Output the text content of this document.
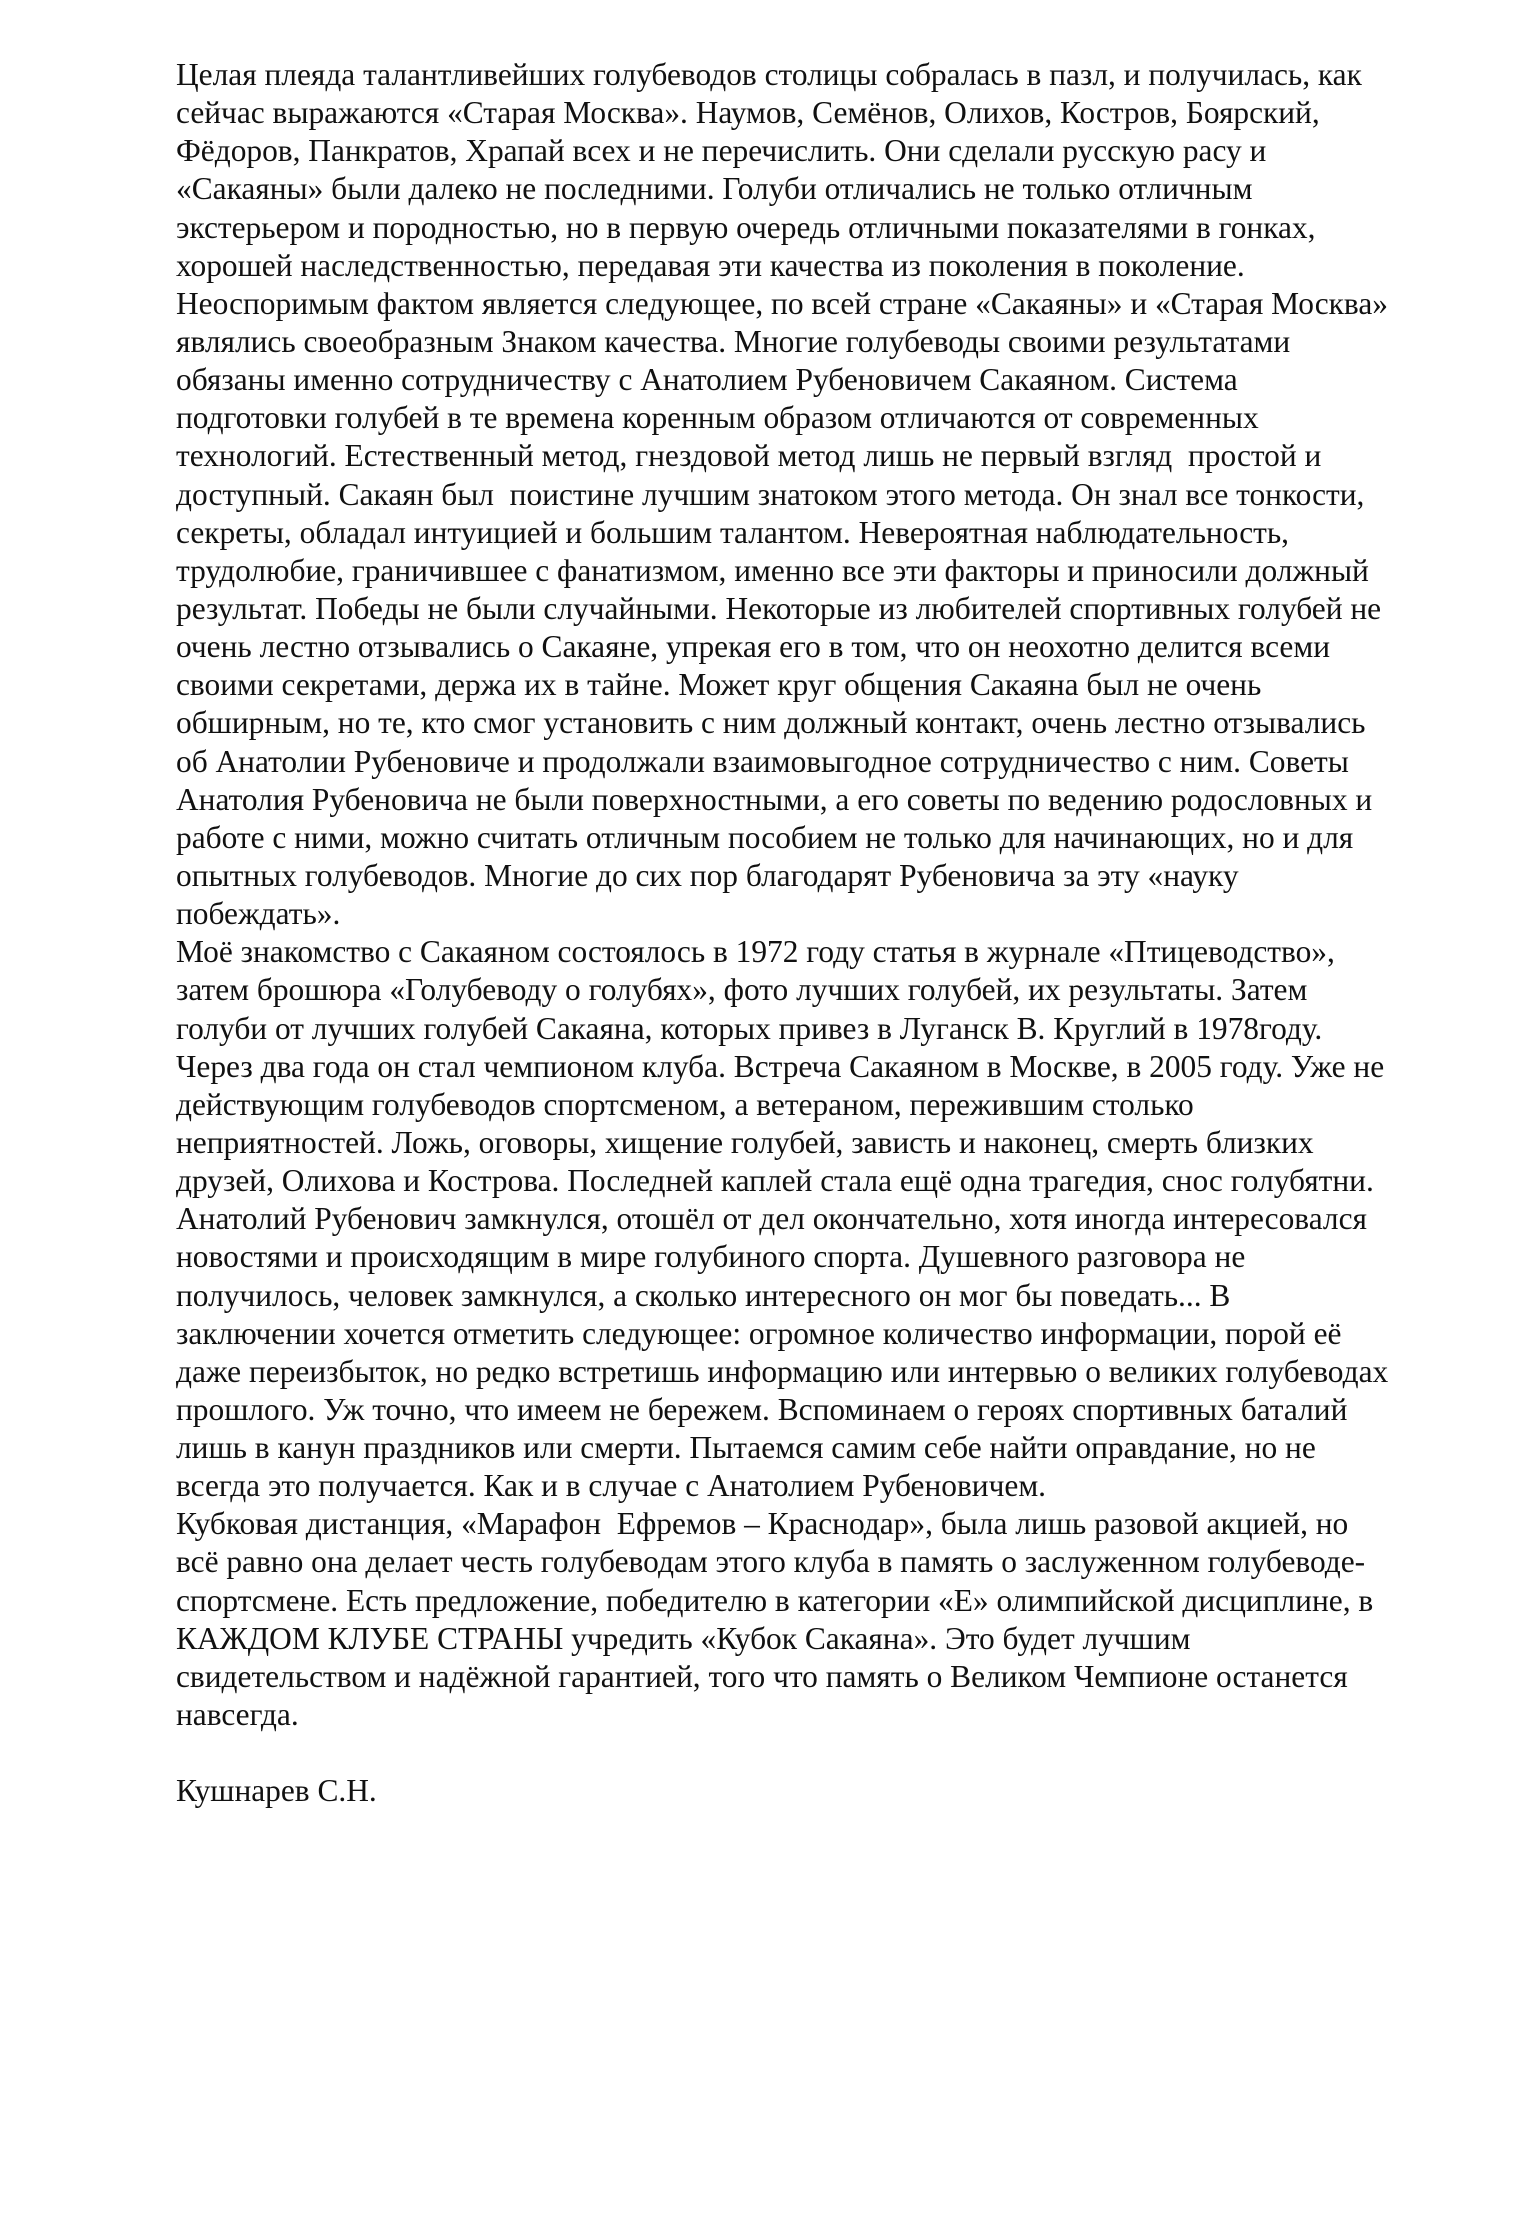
Целая плеяда талантливейших голубеводов столицы собралась в пазл, и получилась, как
сейчас выражаются «Старая Москва». Наумов, Семёнов, Олихов, Костров, Боярский,
Фёдоров, Панкратов, Храпай всех и не перечислить. Они сделали русскую расу и
«Сакаяны» были далеко не последними. Голуби отличались не только отличным
экстерьером и породностью, но в первую очередь отличными показателями в гонках,
хорошей наследственностью, передавая эти качества из поколения в поколение.
Неоспоримым фактом является следующее, по всей стране «Сакаяны» и «Старая Москва»
являлись своеобразным Знаком качества. Многие голубеводы своими результатами
обязаны именно сотрудничеству с Анатолием Рубеновичем Сакаяном. Система
подготовки голубей в те времена коренным образом отличаются от современных
технологий. Естественный метод, гнездовой метод лишь не первый взгляд  простой и
доступный. Сакаян был  поистине лучшим знатоком этого метода. Он знал все тонкости,
секреты, обладал интуицией и большим талантом. Невероятная наблюдательность,
трудолюбие, граничившее с фанатизмом, именно все эти факторы и приносили должный
результат. Победы не были случайными. Некоторые из любителей спортивных голубей не
очень лестно отзывались о Сакаяне, упрекая его в том, что он неохотно делится всеми
своими секретами, держа их в тайне. Может круг общения Сакаяна был не очень
обширным, но те, кто смог установить с ним должный контакт, очень лестно отзывались
об Анатолии Рубеновиче и продолжали взаимовыгодное сотрудничество с ним. Советы
Анатолия Рубеновича не были поверхностными, а его советы по ведению родословных и
работе с ними, можно считать отличным пособием не только для начинающих, но и для
опытных голубеводов. Многие до сих пор благодарят Рубеновича за эту «науку
побеждать».
Моё знакомство с Сакаяном состоялось в 1972 году статья в журнале «Птицеводство»,
затем брошюра «Голубеводу о голубях», фото лучших голубей, их результаты. Затем
голуби от лучших голубей Сакаяна, которых привез в Луганск В. Круглий в 1978году.
Через два года он стал чемпионом клуба. Встреча Сакаяном в Москве, в 2005 году. Уже не
действующим голубеводов спортсменом, а ветераном, пережившим столько
неприятностей. Ложь, оговоры, хищение голубей, зависть и наконец, смерть близких
друзей, Олихова и Кострова. Последней каплей стала ещё одна трагедия, снос голубятни.
Анатолий Рубенович замкнулся, отошёл от дел окончательно, хотя иногда интересовался
новостями и происходящим в мире голубиного спорта. Душевного разговора не
получилось, человек замкнулся, а сколько интересного он мог бы поведать... В
заключении хочется отметить следующее: огромное количество информации, порой её
даже переизбыток, но редко встретишь информацию или интервью о великих голубеводах
прошлого. Уж точно, что имеем не бережем. Вспоминаем о героях спортивных баталий
лишь в канун праздников или смерти. Пытаемся самим себе найти оправдание, но не
всегда это получается. Как и в случае с Анатолием Рубеновичем.
Кубковая дистанция, «Марафон  Ефремов – Краснодар», была лишь разовой акцией, но
всё равно она делает честь голубеводам этого клуба в память о заслуженном голубеводе-
спортсмене. Есть предложение, победителю в категории «Е» олимпийской дисциплине, в
КАЖДОМ КЛУБЕ СТРАНЫ учредить «Кубок Сакаяна». Это будет лучшим
свидетельством и надёжной гарантией, того что память о Великом Чемпионе останется
навсегда.
Кушнарев С.Н.
